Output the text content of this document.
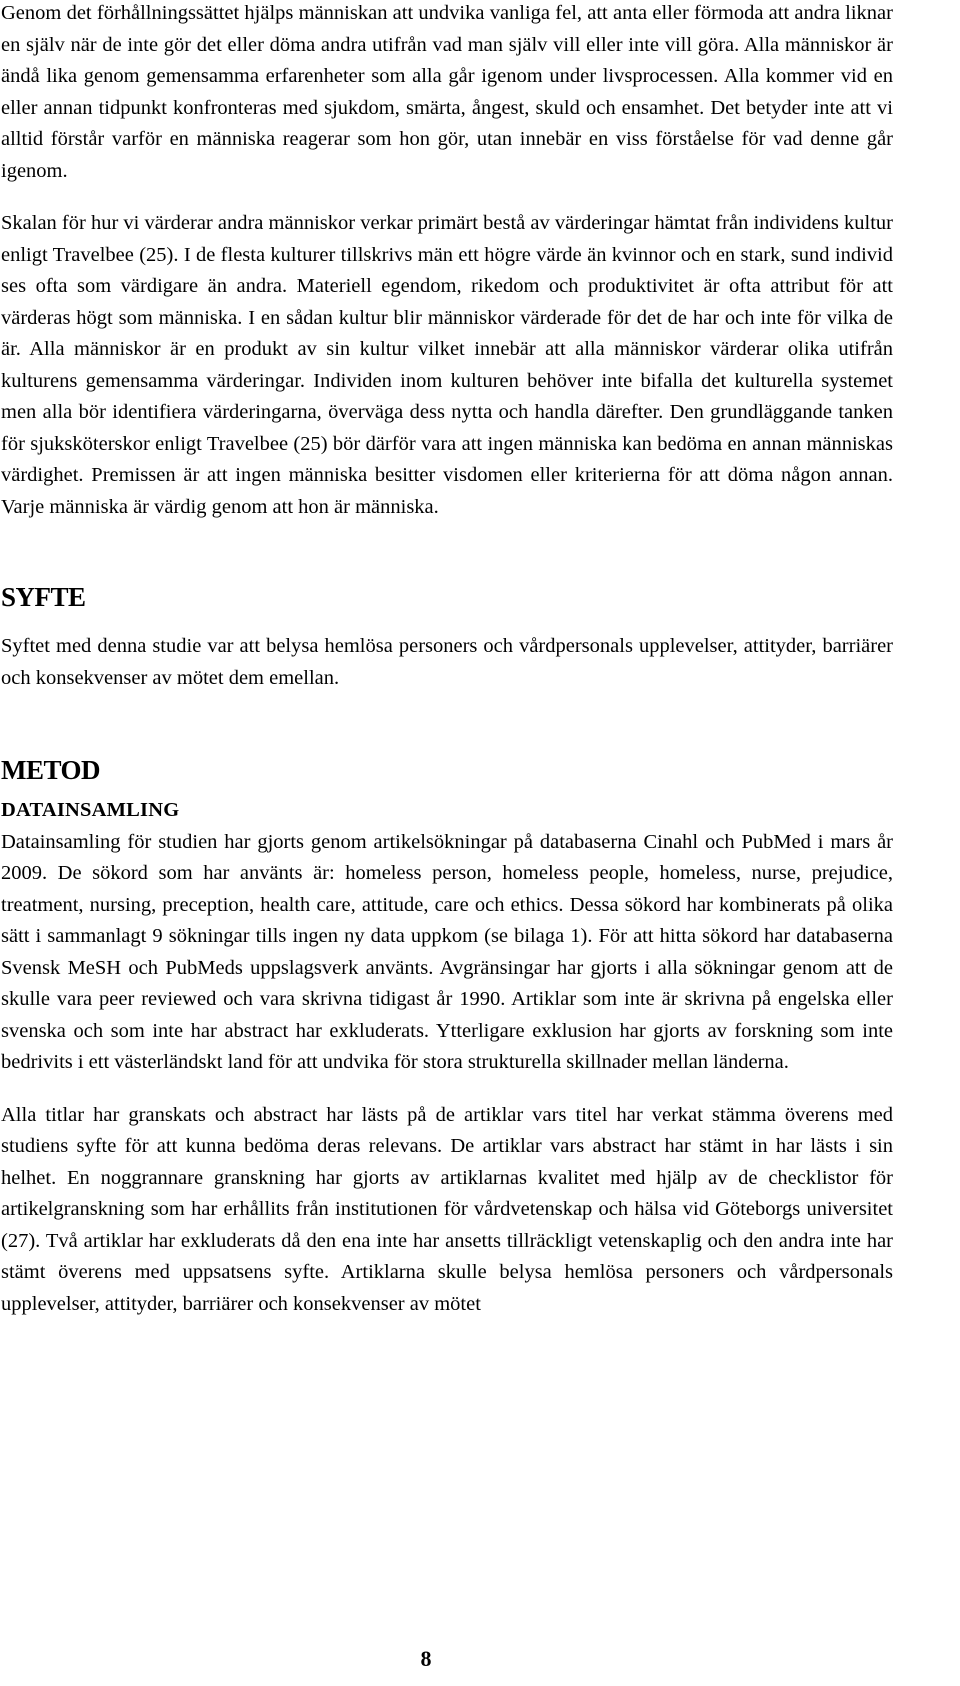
Genom det förhållningssättet hjälps människan att undvika vanliga fel, att anta eller förmoda att andra liknar en själv när de inte gör det eller döma andra utifrån vad man själv vill eller inte vill göra. Alla människor är ändå lika genom gemensamma erfarenheter som alla går igenom under livsprocessen. Alla kommer vid en eller annan tidpunkt konfronteras med sjukdom, smärta, ångest, skuld och ensamhet. Det betyder inte att vi alltid förstår varför en människa reagerar som hon gör, utan innebär en viss förståelse för vad denne går igenom.

Skalan för hur vi värderar andra människor verkar primärt bestå av värderingar hämtat från individens kultur enligt Travelbee (25). I de flesta kulturer tillskrivs män ett högre värde än kvinnor och en stark, sund individ ses ofta som värdigare än andra. Materiell egendom, rikedom och produktivitet är ofta attribut för att värderas högt som människa. I en sådan kultur blir människor värderade för det de har och inte för vilka de är. Alla människor är en produkt av sin kultur vilket innebär att alla människor värderar olika utifrån kulturens gemensamma värderingar. Individen inom kulturen behöver inte bifalla det kulturella systemet men alla bör identifiera värderingarna, överväga dess nytta och handla därefter. Den grundläggande tanken för sjuksköterskor enligt Travelbee (25) bör därför vara att ingen människa kan bedöma en annan människas värdighet. Premissen är att ingen människa besitter visdomen eller kriterierna för att döma någon annan. Varje människa är värdig genom att hon är människa.

SYFTE

Syftet med denna studie var att belysa hemlösa personers och vårdpersonals upplevelser, attityder, barriärer och konsekvenser av mötet dem emellan.

METOD
DATAINSAMLING

Datainsamling för studien har gjorts genom artikelsökningar på databaserna Cinahl och PubMed i mars år 2009. De sökord som har använts är: homeless person, homeless people, homeless, nurse, prejudice, treatment, nursing, preception, health care, attitude, care och ethics. Dessa sökord har kombinerats på olika sätt i sammanlagt 9 sökningar tills ingen ny data uppkom (se bilaga 1). För att hitta sökord har databaserna Svensk MeSH och PubMeds uppslagsverk använts. Avgränsingar har gjorts i alla sökningar genom att de skulle vara peer reviewed och vara skrivna tidigast år 1990. Artiklar som inte är skrivna på engelska eller svenska och som inte har abstract har exkluderats. Ytterligare exklusion har gjorts av forskning som inte bedrivits i ett västerländskt land för att undvika för stora strukturella skillnader mellan länderna.

Alla titlar har granskats och abstract har lästs på de artiklar vars titel har verkat stämma överens med studiens syfte för att kunna bedöma deras relevans. De artiklar vars abstract har stämt in har lästs i sin helhet. En noggrannare granskning har gjorts av artiklarnas kvalitet med hjälp av de checklistor för artikelgranskning som har erhållits från institutionen för vårdvetenskap och hälsa vid Göteborgs universitet (27). Två artiklar har exkluderats då den ena inte har ansetts tillräckligt vetenskaplig och den andra inte har stämt överens med uppsatsens syfte. Artiklarna skulle belysa hemlösa personers och vårdpersonals upplevelser, attityder, barriärer och konsekvenser av mötet

8
